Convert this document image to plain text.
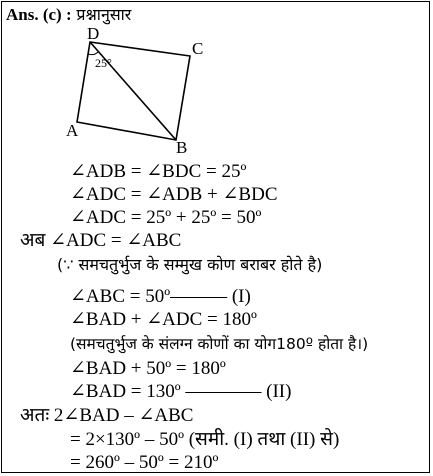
Ans. (c) : प्रश्नानुसार
D
C
A
B
25°
∠ADB = ∠BDC = 25º
∠ADC = ∠ADB + ∠BDC
∠ADC = 25º + 25º = 50º
अब ∠ADC = ∠ABC
(∵ समचतुर्भुज के सम्मुख कोण बराबर होते है)
∠ABC = 50º——— (I)
∠BAD + ∠ADC = 180º
(समचतुर्भुज के संलग्न कोणों का योग180º होता है।)
∠BAD + 50º = 180º
∠BAD = 130º ———— (II)
अतः 2∠BAD – ∠ABC
= 2×130º – 50º (समी. (I) तथा (II) से)
= 260º – 50º = 210º
